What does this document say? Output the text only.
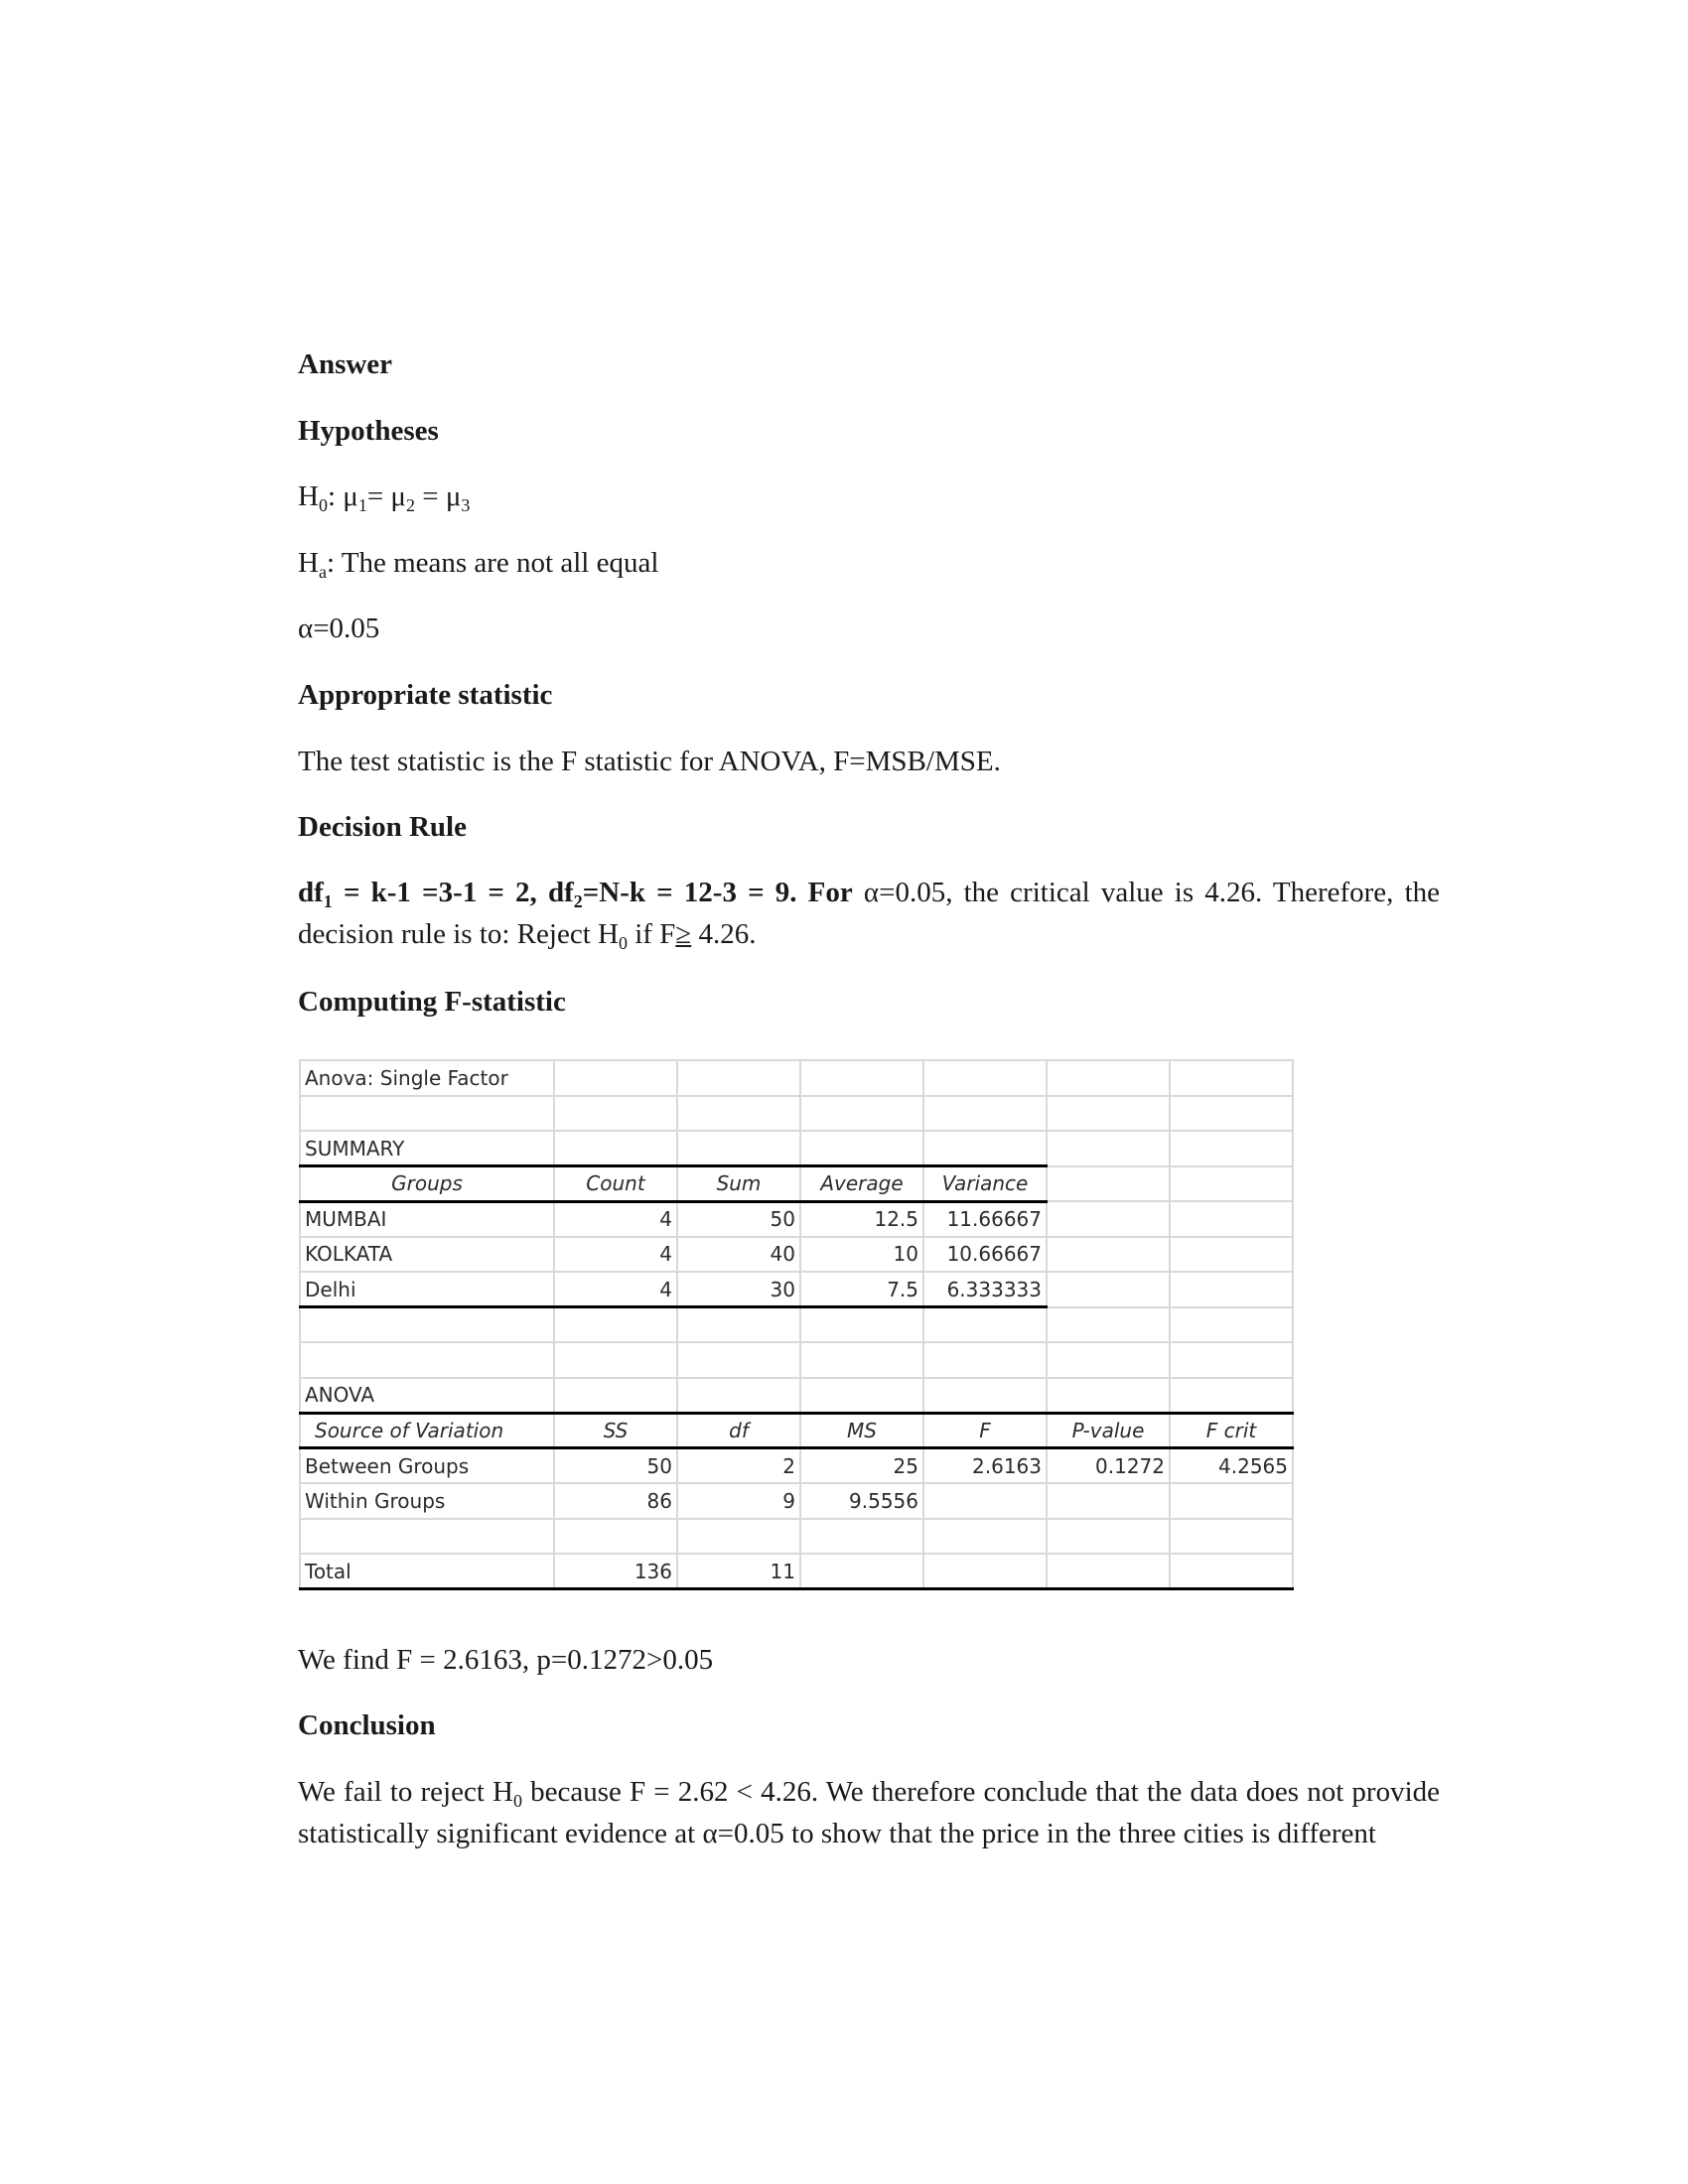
Answer
Hypotheses
$H_0$: $\mu_1= \mu_2 = \mu_3$
$H_a$: The means are not all equal
α=0.05
Appropriate statistic
The test statistic is the F statistic for ANOVA, F=MSB/MSE.
Decision Rule
$df_1 = k-1 =3-1 = 2$, $df_2=N-k = 12-3 = 9$. For α=0.05, the critical value is 4.26. Therefore, the decision rule is to: Reject $H_0$ if F≥ 4.26.
Computing F-statistic
Anova: Single Factor						

SUMMARY						
Groups	Count	Sum	Average	Variance		
MUMBAI	4	50	12.5	11.66667		
KOLKATA	4	40	10	10.66667		
Delhi	4	30	7.5	6.333333		

ANOVA						
Source of Variation	SS	df	MS	F	P-value	F crit
Between Groups	50	2	25	2.6163	0.1272	4.2565
Within Groups	86	9	9.5556			

Total	136	11				
We find F = 2.6163, p=0.1272>0.05
Conclusion
We fail to reject $H_0$ because F = 2.62 < 4.26. We therefore conclude that the data does not provide statistically significant evidence at α=0.05 to show that the price in the three cities is different
